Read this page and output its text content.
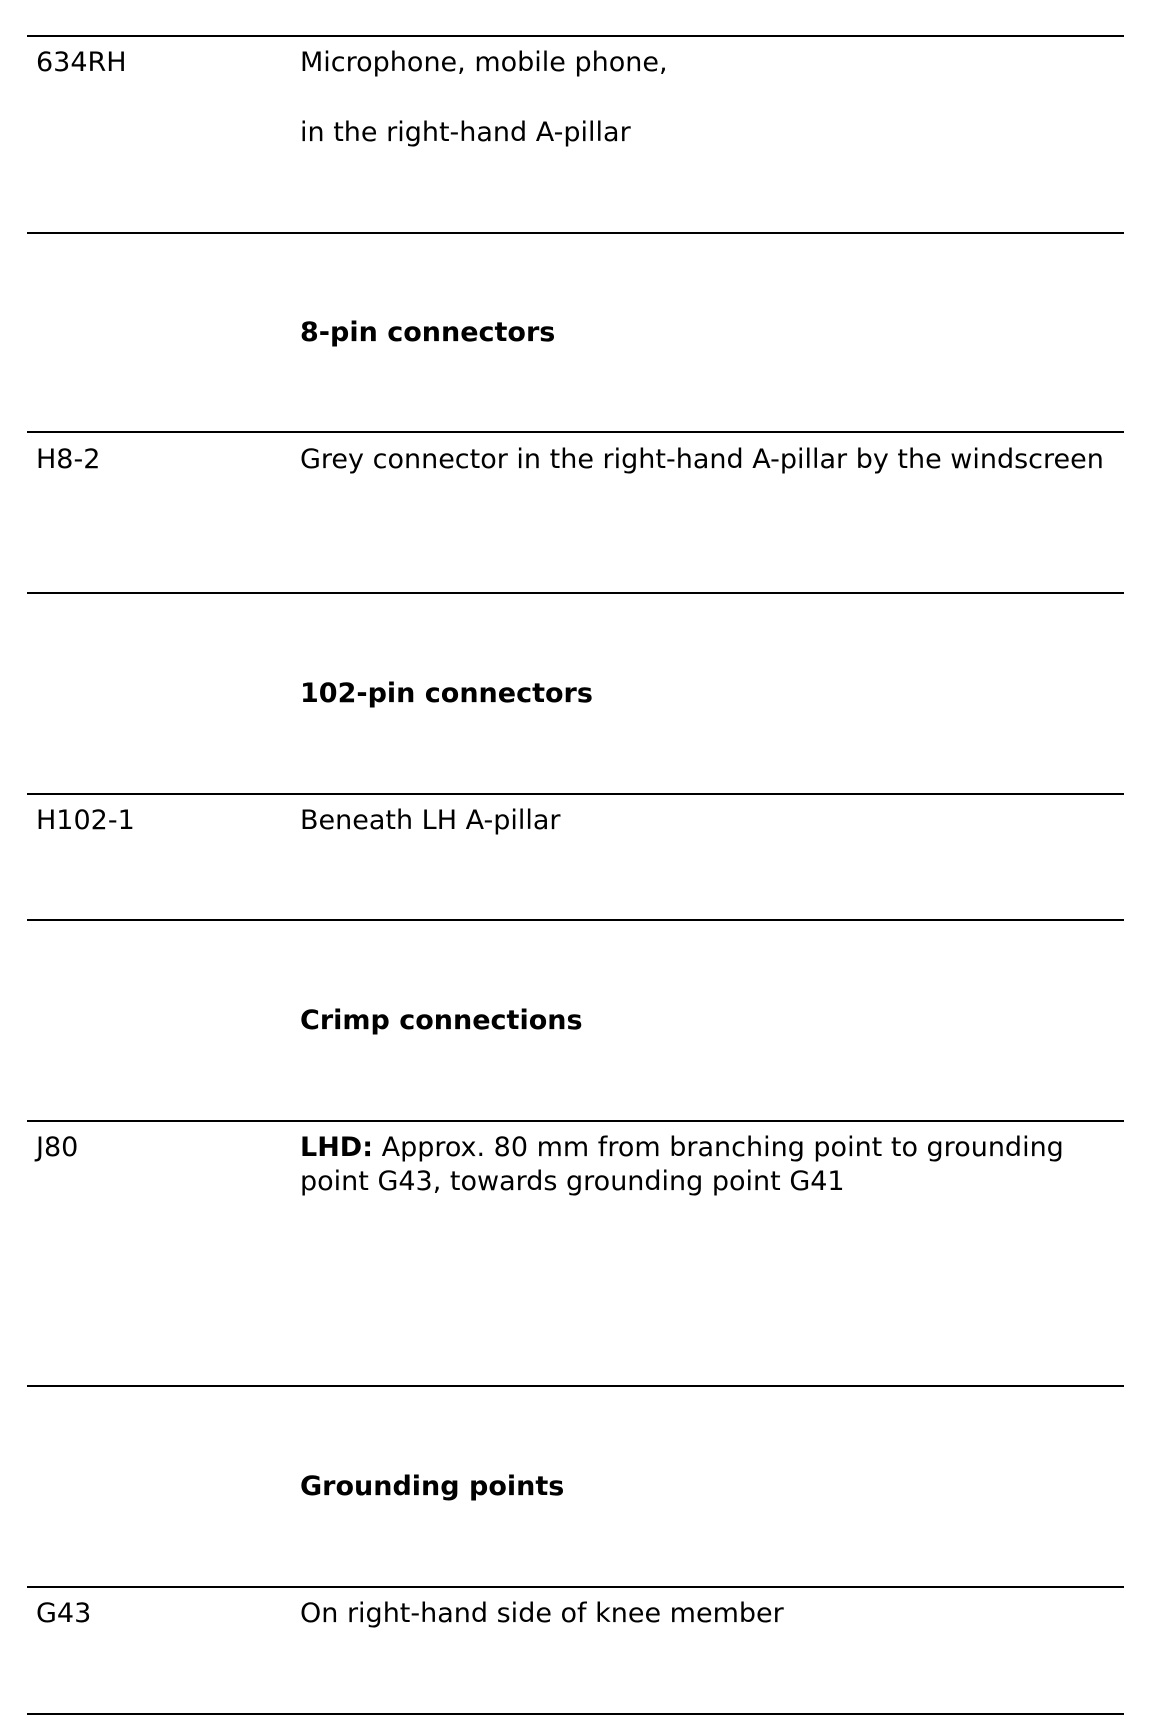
634RH	Microphone, mobile phone,
in the right-hand A-pillar
8-pin connectors
H8-2	Grey connector in the right-hand A-pillar by the windscreen
102-pin connectors
H102-1	Beneath LH A-pillar
Crimp connections
J80	LHD: Approx. 80 mm from branching point to grounding point G43, towards grounding point G41
Grounding points
G43	On right-hand side of knee member
